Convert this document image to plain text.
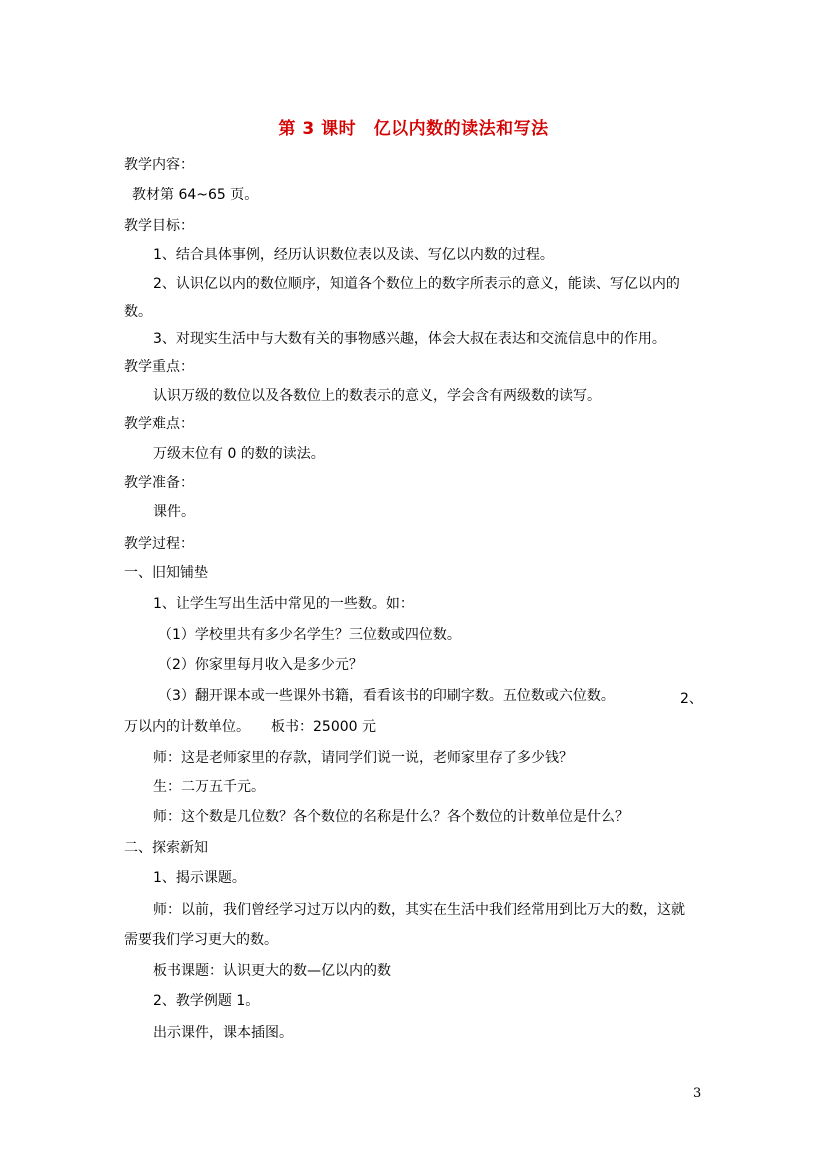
第 3 课时　亿以内数的读法和写法
教学内容：
教材第 64~65 页。
教学目标：
1、结合具体事例，经历认识数位表以及读、写亿以内数的过程。
2、认识亿以内的数位顺序，知道各个数位上的数字所表示的意义，能读、写亿以内的
数。
3、对现实生活中与大数有关的事物感兴趣，体会大叔在表达和交流信息中的作用。
教学重点：
认识万级的数位以及各数位上的数表示的意义，学会含有两级数的读写。
教学难点：
万级末位有 0 的数的读法。
教学准备：
课件。
教学过程：
一、旧知铺垫
1、让学生写出生活中常见的一些数。如：
（1）学校里共有多少名学生？三位数或四位数。
（2）你家里每月收入是多少元？
（3）翻开课本或一些课外书籍，看看该书的印刷字数。五位数或六位数。	2、
万以内的计数单位。　　板书：25000 元
师：这是老师家里的存款，请同学们说一说，老师家里存了多少钱？
生：二万五千元。
师：这个数是几位数？各个数位的名称是什么？各个数位的计数单位是什么？
二、探索新知
1、揭示课题。
师：以前，我们曾经学习过万以内的数，其实在生活中我们经常用到比万大的数，这就
需要我们学习更大的数。
板书课题：认识更大的数—亿以内的数
2、教学例题 1。
出示课件，课本插图。
3
